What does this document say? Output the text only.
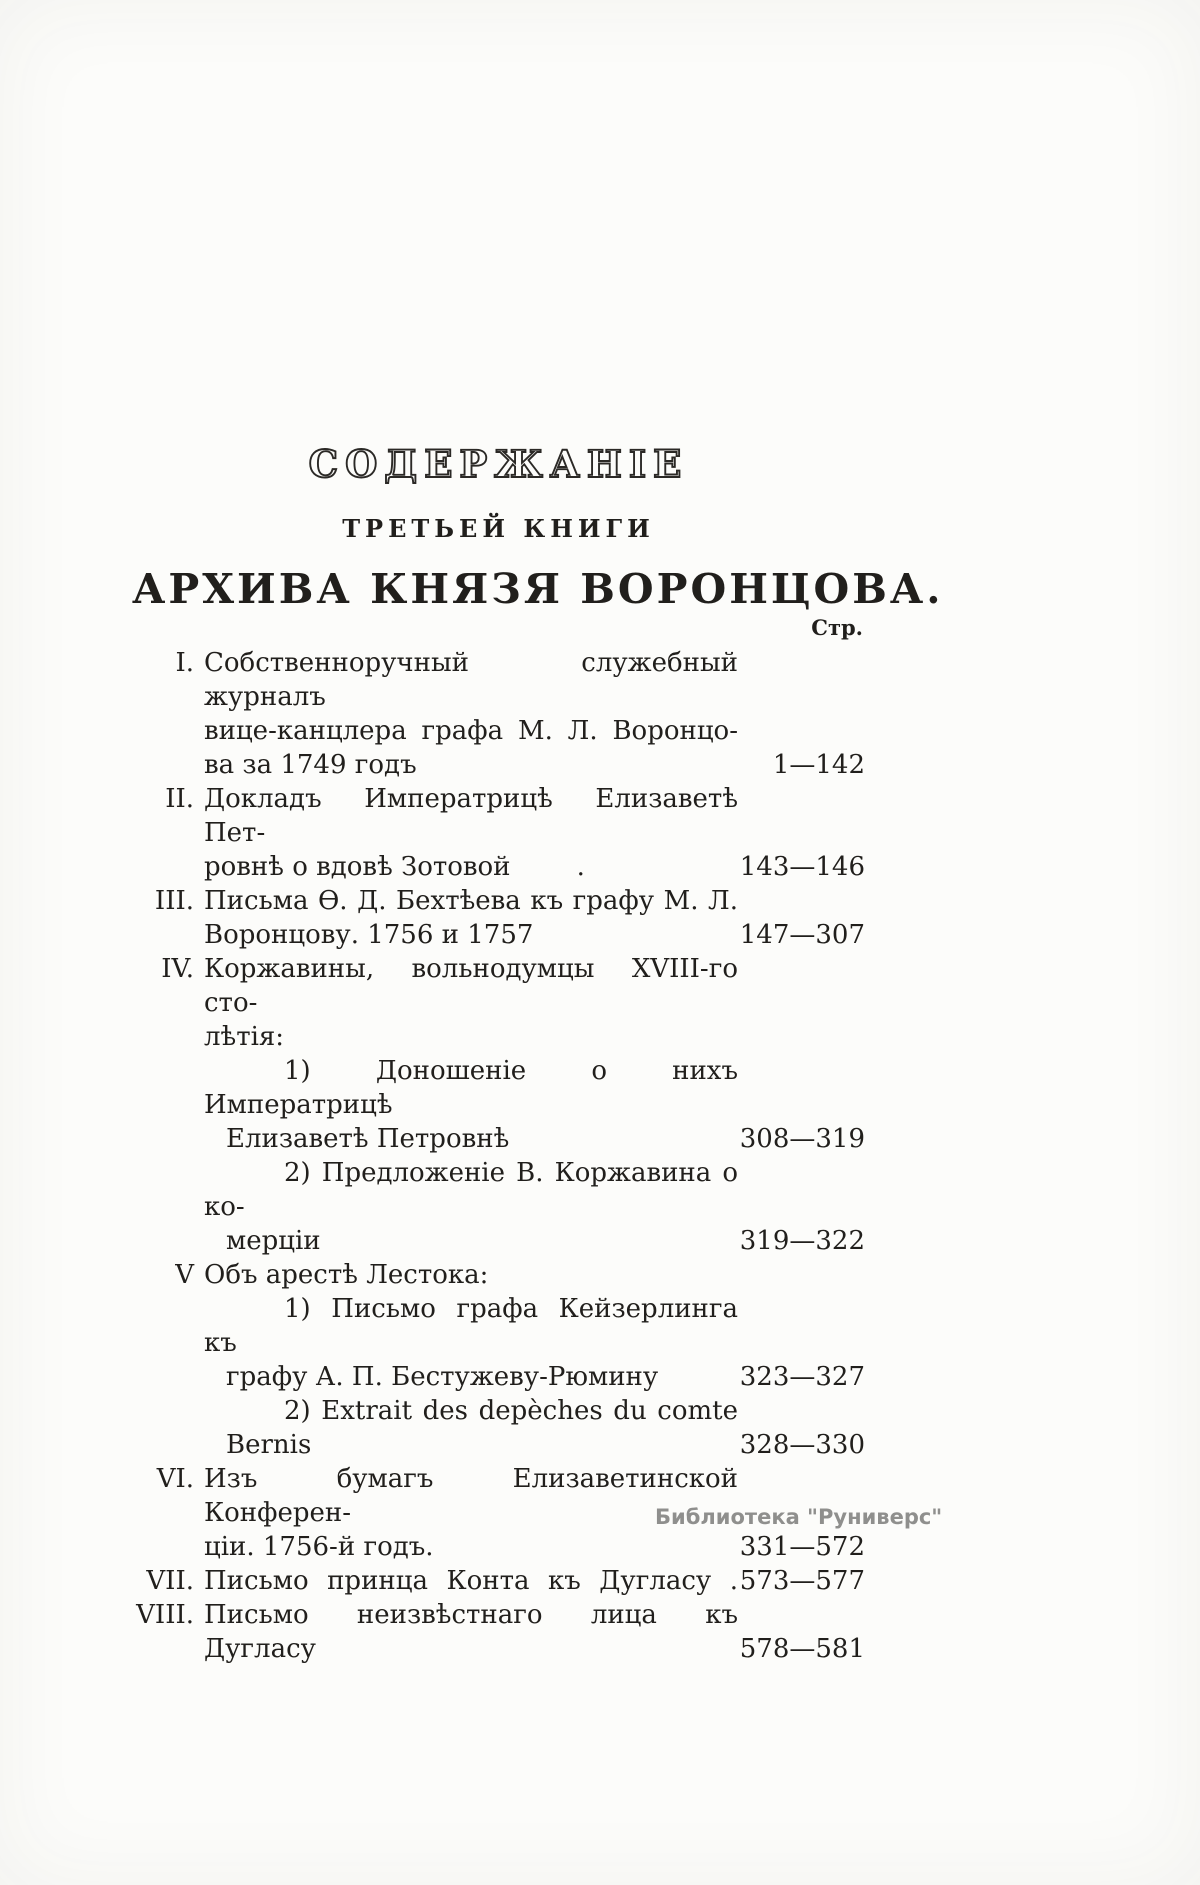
СОДЕРЖАНІЕ
ТРЕТЬЕЙ КНИГИ
АРХИВА КНЯЗЯ ВОРОНЦОВА.
Стр.
I. Собственноручный служебный журналъ
вице-канцлера графа М. Л. Воронцо-
ва за 1749 годъ	1—142
II. Докладъ Императрицѣ Елизаветѣ Пет-
ровнѣ о вдовѣ Зотовой        .	143—146
III. Письма Ѳ. Д. Бехтѣева къ графу М. Л.
Воронцову. 1756 и 1757	147—307
IV. Коржавины, вольнодумцы XVIII-го сто-
лѣтія:
1) Доношеніе о нихъ Императрицѣ
Елизаветѣ Петровнѣ	308—319
2) Предложеніе В. Коржавина о ко-
мерціи	319—322
V Объ арестѣ Лестока:
1) Письмо графа Кейзерлинга къ
графу А. П. Бестужеву-Рюмину	323—327
2) Extrait des depèches du comte
Bernis	328—330
VI. Изъ бумагъ Елизаветинской Конферен-
ціи. 1756-й годъ.	331—572
VII. Письмо принца Конта къ Дугласу . 573—577
VIII. Письмо неизвѣстнаго лица къ Дугласу	578—581
Библиотека "Руниверс"
